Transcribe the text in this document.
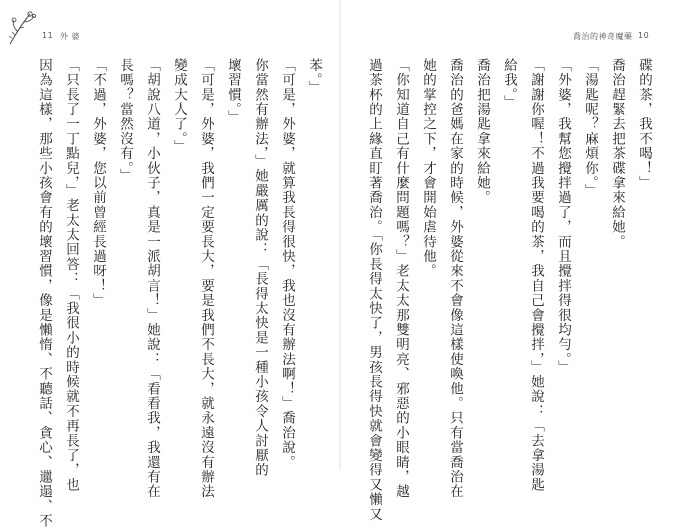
11 外 婆
因為這樣，那些小孩會有的壞習慣，像是懶惰、不聽話、貪心、邋遢、不 「只長了一丁點兒，」老太太回答：「我很小的時候就不再長了，也 「不過，外婆，您以前曾經長過呀！」 長嗎？當然沒有。」 「胡說八道，小伙子，真是一派胡言！」她說：「看看我，我還有在 變成大人了。」 「可是，外婆，我們一定要長大，要是我們不長大，就永遠沒有辦法 壞習慣。」 你當然有辦法，」她嚴厲的說：「長得太快是一種小孩令人討厭的 「可是，外婆，就算我長得很快，我也沒有辦法啊！」喬治說。 苯。」
喬治的神奇魔藥 10
碟的茶，我不喝！」
喬治趕緊去把茶碟拿來給她。
「湯匙呢？麻煩你。」
「外婆，我幫您攪拌過了，而且攪拌得很均勻。」
「謝謝你喔！不過我要喝的茶，我自己會攪拌，」她說：「去拿湯匙
給我。」
喬治把湯匙拿來給她。
喬治的爸媽在家的時候，外婆從來不會像這樣使喚他。只有當喬治在
她的掌控之下，才會開始虐待他。
「你知道自己有什麼問題嗎？」老太太那雙明亮、邪惡的小眼睛，越
過茶杯的上緣直盯著喬治。「你長得太快了，男孩長得快就會變得又懶又
